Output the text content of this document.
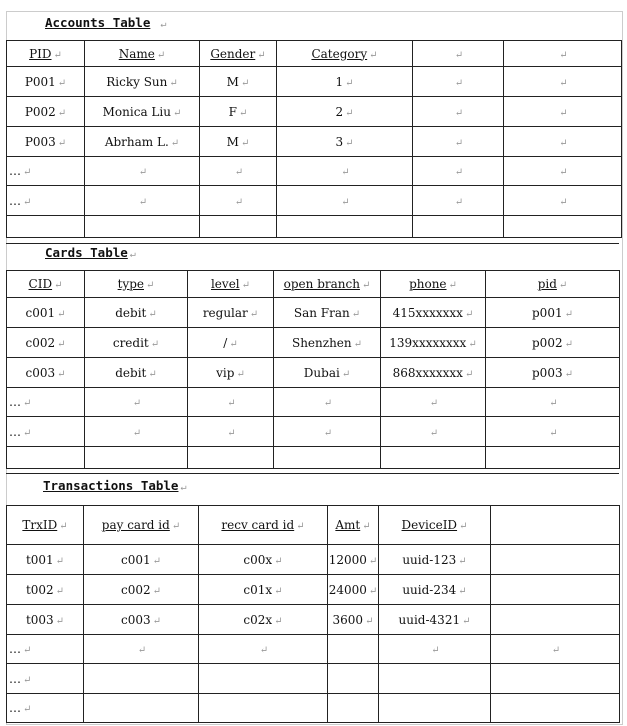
Accounts Table ↵
PID ↵	Name ↵	Gender ↵	Category ↵	↵	↵
P001 ↵	Ricky Sun ↵	M ↵	1 ↵	↵	↵
P002 ↵	Monica Liu ↵	F ↵	2 ↵	↵	↵
P003 ↵	Abrham L. ↵	M ↵	3 ↵	↵	↵
… ↵	↵	↵	↵	↵	↵
… ↵	↵	↵	↵	↵	↵

Cards Table ↵
CID ↵	type ↵	level ↵	open branch ↵	phone ↵	pid ↵
c001 ↵	debit ↵	regular ↵	San Fran ↵	415xxxxxxx ↵	p001 ↵
c002 ↵	credit ↵	/ ↵	Shenzhen ↵	139xxxxxxxx ↵	p002 ↵
c003 ↵	debit ↵	vip ↵	Dubai ↵	868xxxxxxx ↵	p003 ↵
… ↵	↵	↵	↵	↵	↵
… ↵	↵	↵	↵	↵	↵

Transactions Table ↵
TrxID ↵	pay card id ↵	recv card id ↵	Amt ↵	DeviceID ↵	
t001 ↵	c001 ↵	c00x ↵	12000 ↵	uuid-123 ↵	
t002 ↵	c002 ↵	c01x ↵	24000 ↵	uuid-234 ↵	
t003 ↵	c003 ↵	c02x ↵	3600 ↵	uuid-4321 ↵	
… ↵	↵	↵		↵	↵
… ↵					
… ↵					
